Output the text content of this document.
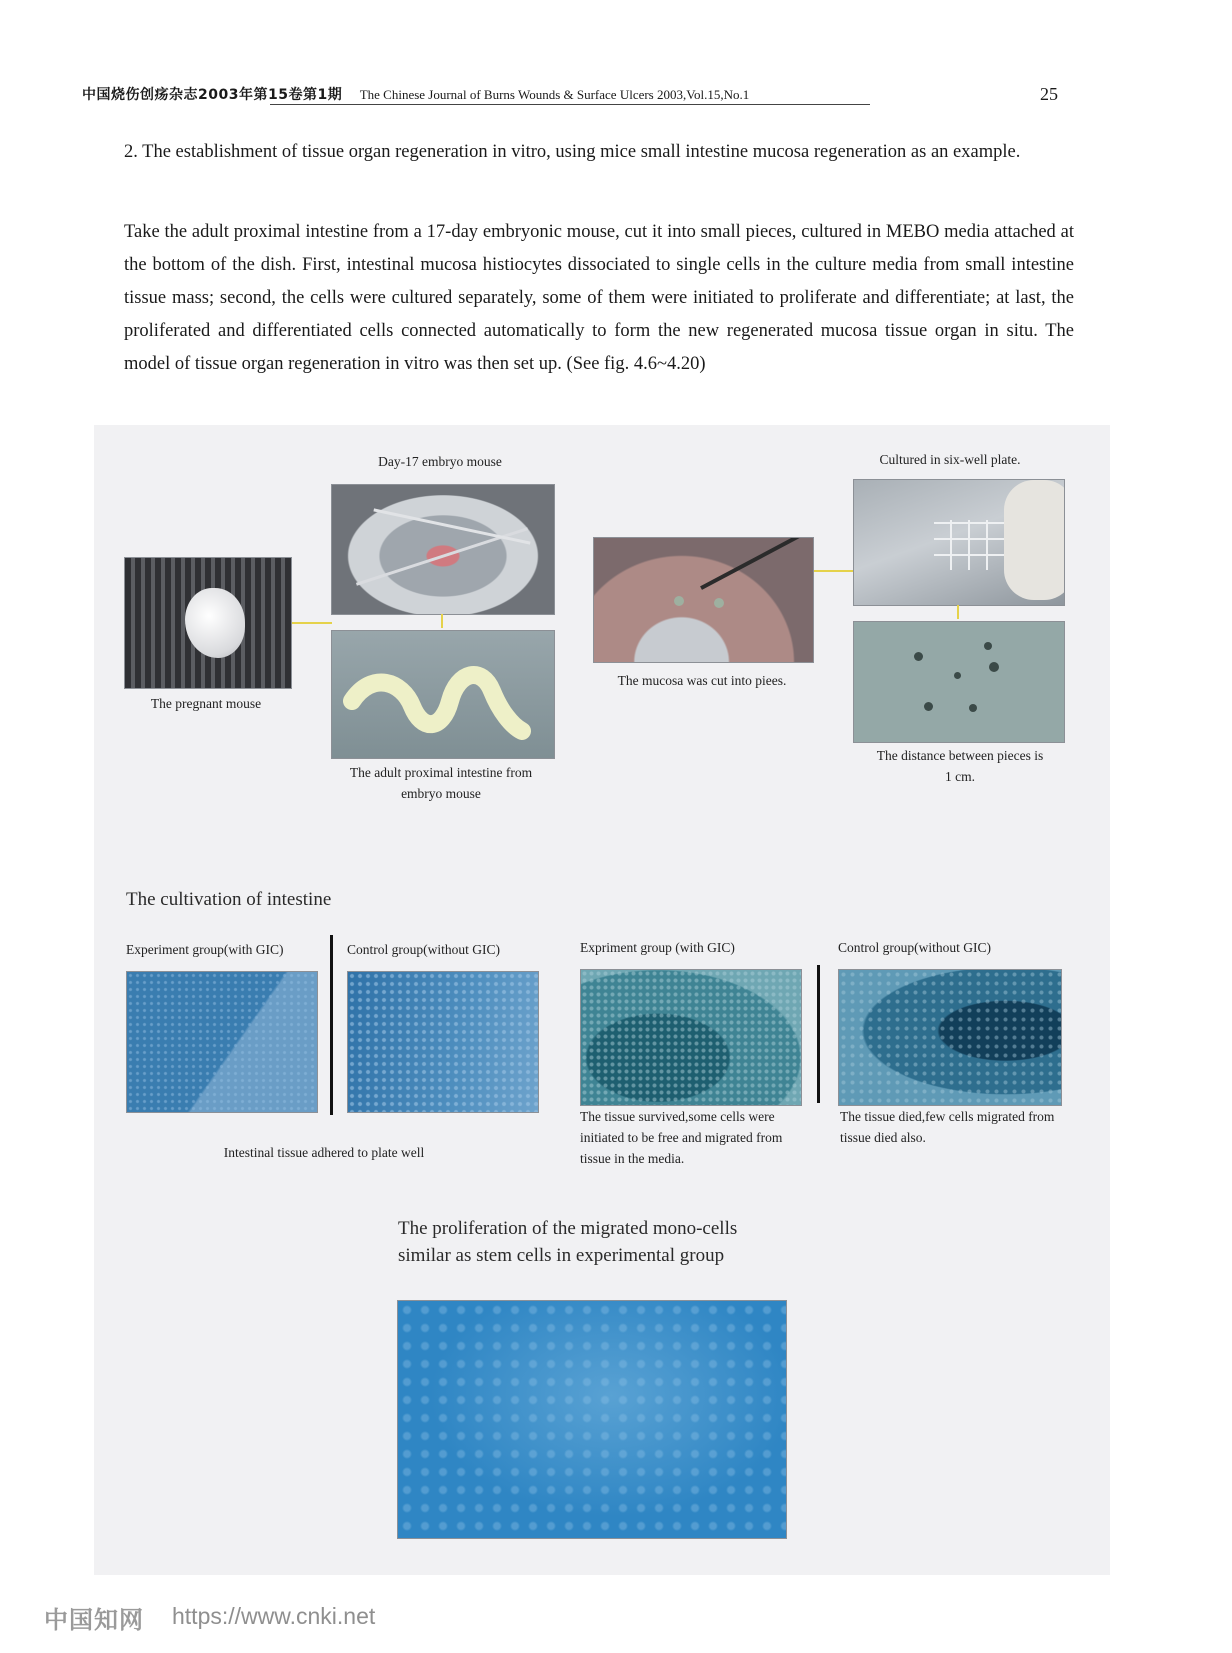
中国烧伤创疡杂志2003年第15卷第1期 The Chinese Journal of Burns Wounds & Surface Ulcers 2003,Vol.15,No.1	25
2. The establishment of tissue organ regeneration in vitro, using mice small intestine mucosa regeneration as an example.
Take the adult proximal intestine from a 17-day embryonic mouse, cut it into small pieces, cultured in MEBO media attached at the bottom of the dish. First, intestinal mucosa histiocytes dissociated to single cells in the culture media from small intestine tissue mass; second, the cells were cultured separately, some of them were initiated to proliferate and differentiate; at last, the proliferated and differentiated cells connected automatically to form the new regenerated mucosa tissue organ in situ. The model of tissue organ regeneration in vitro was then set up. (See fig. 4.6~4.20)
The pregnant mouse
Day-17 embryo mouse
The adult proximal intestine from embryo mouse
The mucosa was cut into piees.
Cultured in six-well plate.
The distance between pieces is 1 cm.
The cultivation of intestine
Experiment group(with GIC)	Control group(without GIC)
Intestinal tissue adhered to plate well
Expriment group (with GIC)	Control group(without GIC)
The tissue survived,some cells were initiated to be free and migrated from tissue in the media.
The tissue died,few cells migrated from tissue died also.
The proliferation of the migrated mono-cells similar as stem cells in experimental group
中国知网 https://www.cnki.net
